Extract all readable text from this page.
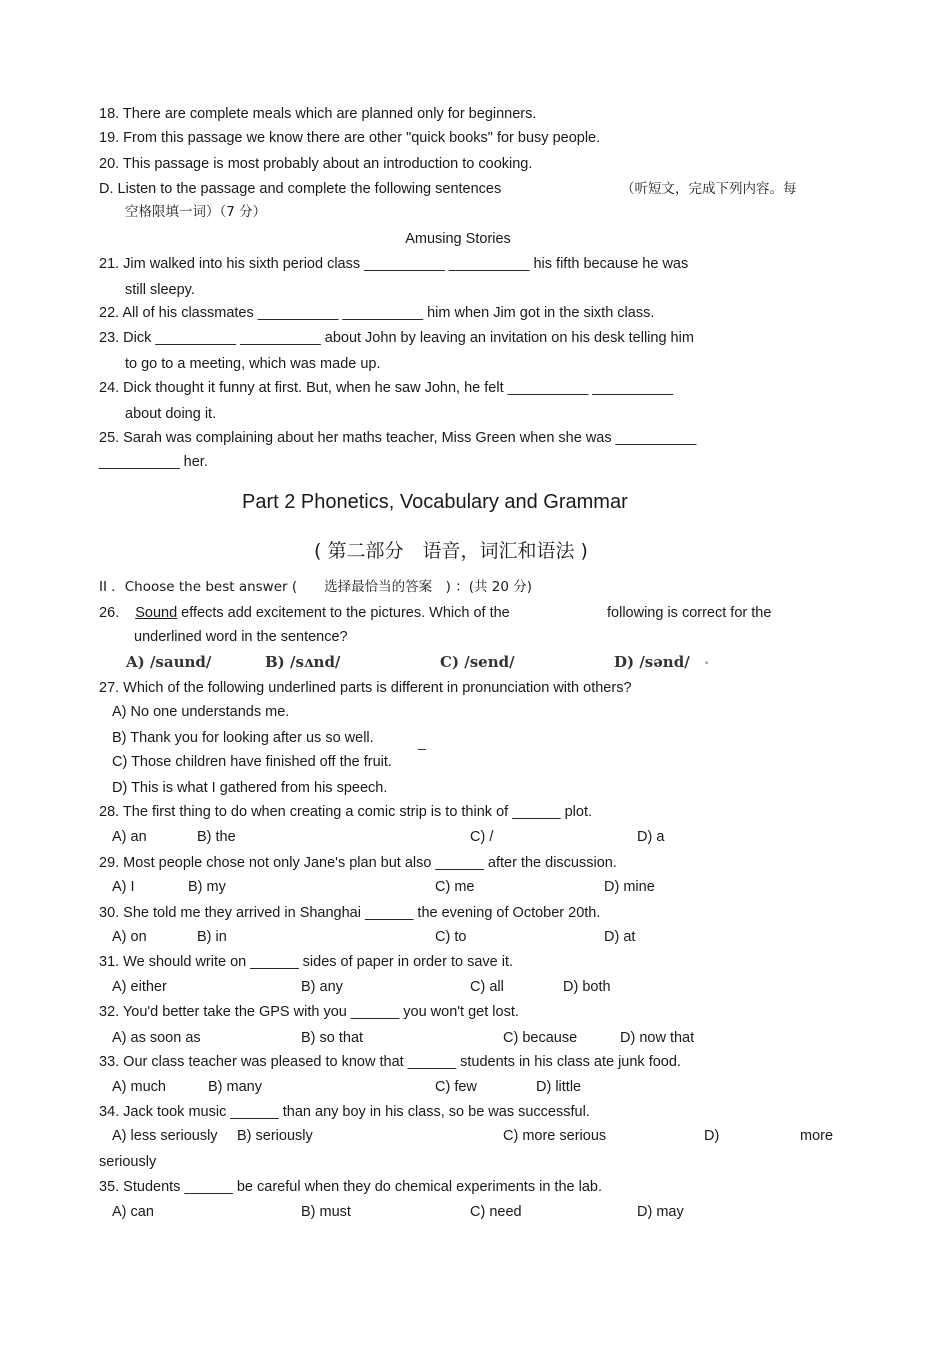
18. There are complete meals which are planned only for beginners.
19. From this passage we know there are other "quick books" for busy people.
20. This passage is most probably about an introduction to cooking.
D. Listen to the passage and complete the following sentences	（听短文，完成下列内容。每
空格限填一词）（7 分）
Amusing Stories
21. Jim walked into his sixth period class __________ __________ his fifth because he was
still sleepy.
22. All of his classmates __________ __________ him when Jim got in the sixth class.
23. Dick __________ __________ about John by leaving an invitation on his desk telling him
to go to a meeting, which was made up.
24. Dick thought it funny at first. But, when he saw John, he felt __________ __________
about doing it.
25. Sarah was complaining about her maths teacher, Miss Green when she was __________
__________ her.
Part 2 Phonetics, Vocabulary and Grammar
( 第二部分　语音，词汇和语法 )
II ．Choose the best answer (　　选择最恰当的答案　) ：(共 20 分)
26. Sound effects add excitement to the pictures. Which of the	following is correct for the
underlined word in the sentence?
A) /saund/	B) /sʌnd/	C) /send/	D) /sənd/ •
27. Which of the following underlined parts is different in pronunciation with others?
A) No one understands me.
B) Thank you for looking after us so well.	_
C) Those children have finished off the fruit.
D) This is what I gathered from his speech.
28. The first thing to do when creating a comic strip is to think of ______ plot.
A) an	B) the	C) /	D) a
29. Most people chose not only Jane's plan but also ______ after the discussion.
A) I	B) my	C) me	D) mine
30. She told me they arrived in Shanghai ______ the evening of October 20th.
A) on	B) in	C) to	D) at
31. We should write on ______ sides of paper in order to save it.
A) either	B) any	C) all	D) both
32. You'd better take the GPS with you ______ you won't get lost.
A) as soon as	B) so that	C) because	D) now that
33. Our class teacher was pleased to know that ______ students in his class ate junk food.
A) much	B) many	C) few	D) little
34. Jack took music ______ than any boy in his class, so be was successful.
A) less seriously B) seriously	C) more serious	D)	more
seriously
35. Students ______ be careful when they do chemical experiments in the lab.
A) can	B) must	C) need	D) may
